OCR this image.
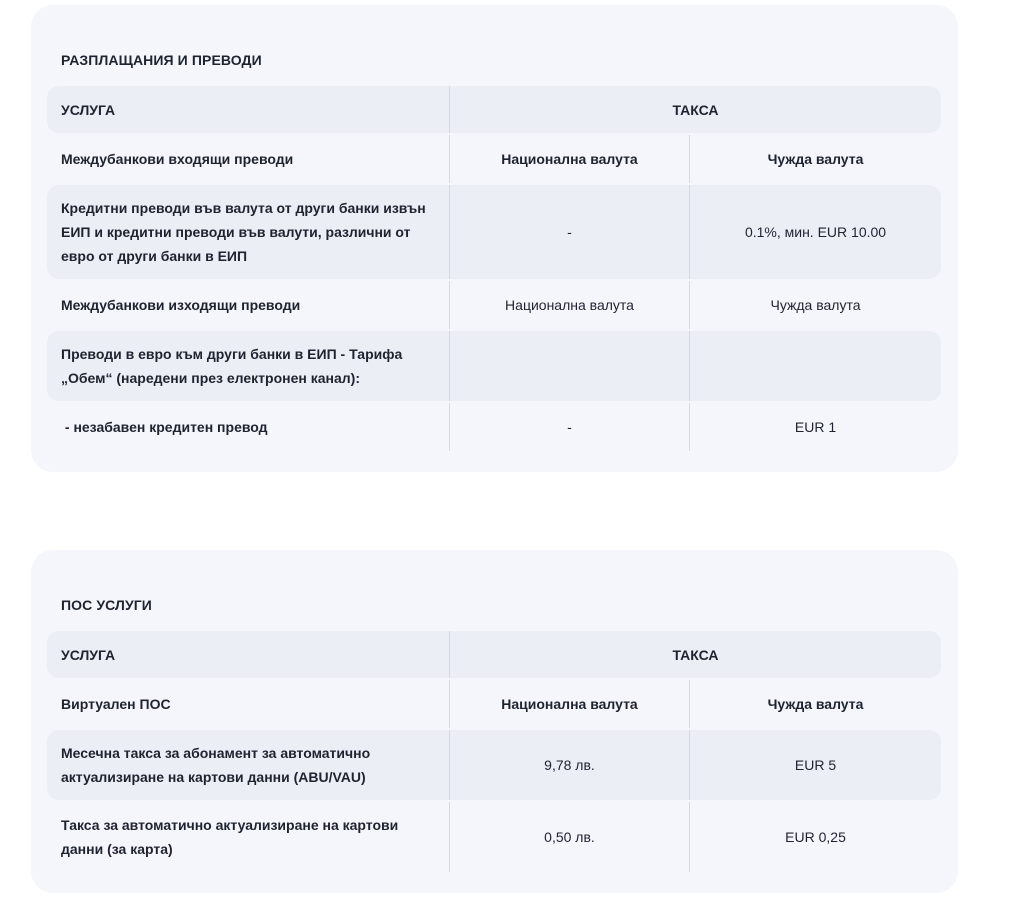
РАЗПЛАЩАНИЯ И ПРЕВОДИ
УСЛУГА	ТАКСА	

Междубанкови входящи преводи	Национална валута	Чужда валута

Кредитни преводи във валута от други банки извън ЕИП и кредитни преводи във валути, различни от евро от други банки в ЕИП	-	0.1%, мин. EUR 10.00

Междубанкови изходящи преводи	Национална валута	Чужда валута

Преводи в евро към други банки в ЕИП - Тарифа „Обем“ (наредени през електронен канал):		

- незабавен кредитен превод	-	EUR 1
ПОС УСЛУГИ
УСЛУГА	ТАКСА	

Виртуален ПОС	Национална валута	Чужда валута

Месечна такса за абонамент за автоматично актуализиране на картови данни (ABU/VAU)	9,78 лв.	EUR 5

Такса за автоматично актуализиране на картови данни (за карта)	0,50 лв.	EUR 0,25
